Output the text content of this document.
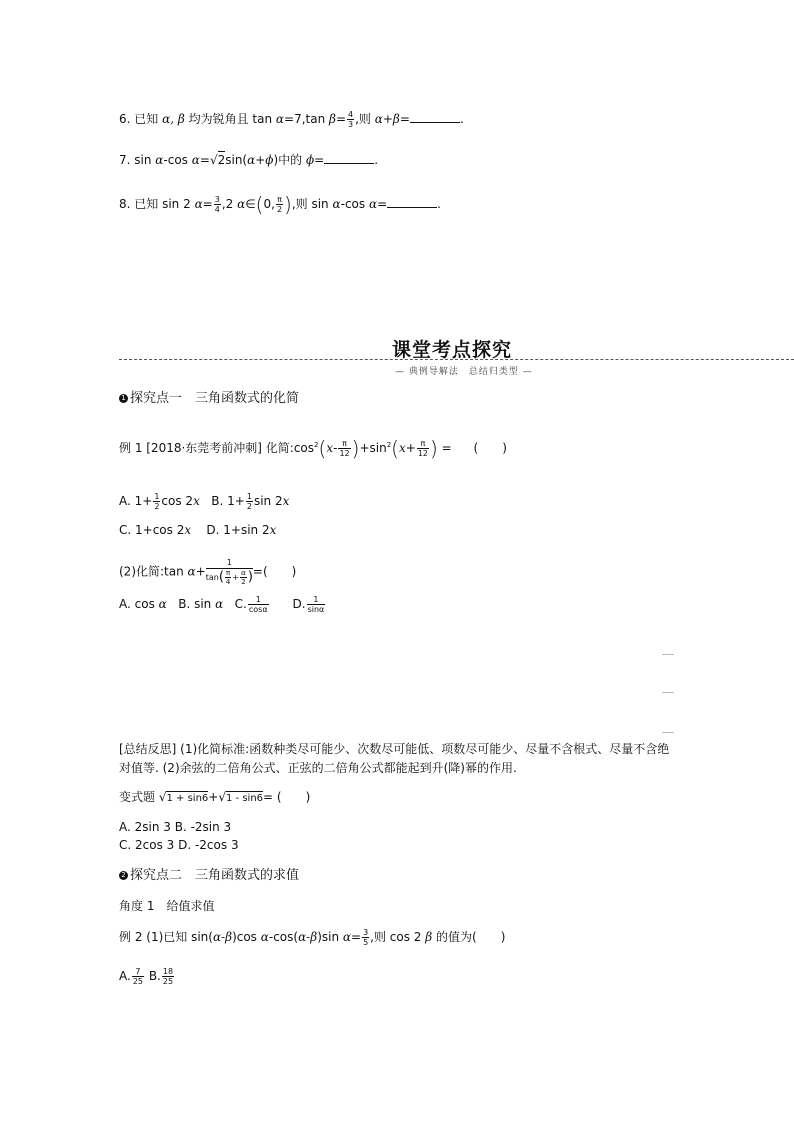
6. 已知 α, β 均为锐角且 tan α=7,tan $\beta= \frac{4}{3}$ ,则 α+β=	.
7. sin α-cos α=√2sin(α+ϕ)中的 ϕ=	.
8. 已知 sin 2 $\alpha= \frac{3}{4} ,2$ α∈(0, $\frac{\pi}{2}$ ),则 sin α-cos α=	.
课堂考点探究
— 典例导解法　总结归类型 —
1 探究点一　三角函数式的化简
例 1 [2018·东莞考前冲刺] 化简$:\cos^2(x- \frac{\pi}{12} )+\sin^2(x+ \frac{\pi}{12}$ ) = (　　)
A. $1+ \frac{1}{2}$ cos 2x B. $1+ \frac{1}{2}$ sin 2x
C. 1+cos 2x D. 1+sin 2x
(2)化简:tan $\alpha+ \frac{1}{\tan( \frac{\pi}{4} + \frac{\alpha}{2} )}$ =(　　)
A. cos α B. sin α C. $\frac{1}{\cos\alpha} D$. $\frac{1}{\sin\alpha}$
[总结反思] (1)化简标准:函数种类尽可能少、次数尽可能低、项数尽可能少、尽量不含根式、尽量不含绝对值等. (2)余弦的二倍角公式、正弦的二倍角公式都能起到升(降)幂的作用.
变式题 √1 + sin6+√1 - sin6= (　　)
A. 2sin 3 B. -2sin 3
C. 2cos 3 D. -2cos 3
2 探究点二　三角函数式的求值
角度 1　给值求值
例 2 (1)已知 sin(α-β)cos α-cos(α-β)sin $\alpha= \frac{3}{5}$ ,则 cos 2 β 的值为(　　)
A. $\frac{7}{25} B$. $\frac{18}{25}$
